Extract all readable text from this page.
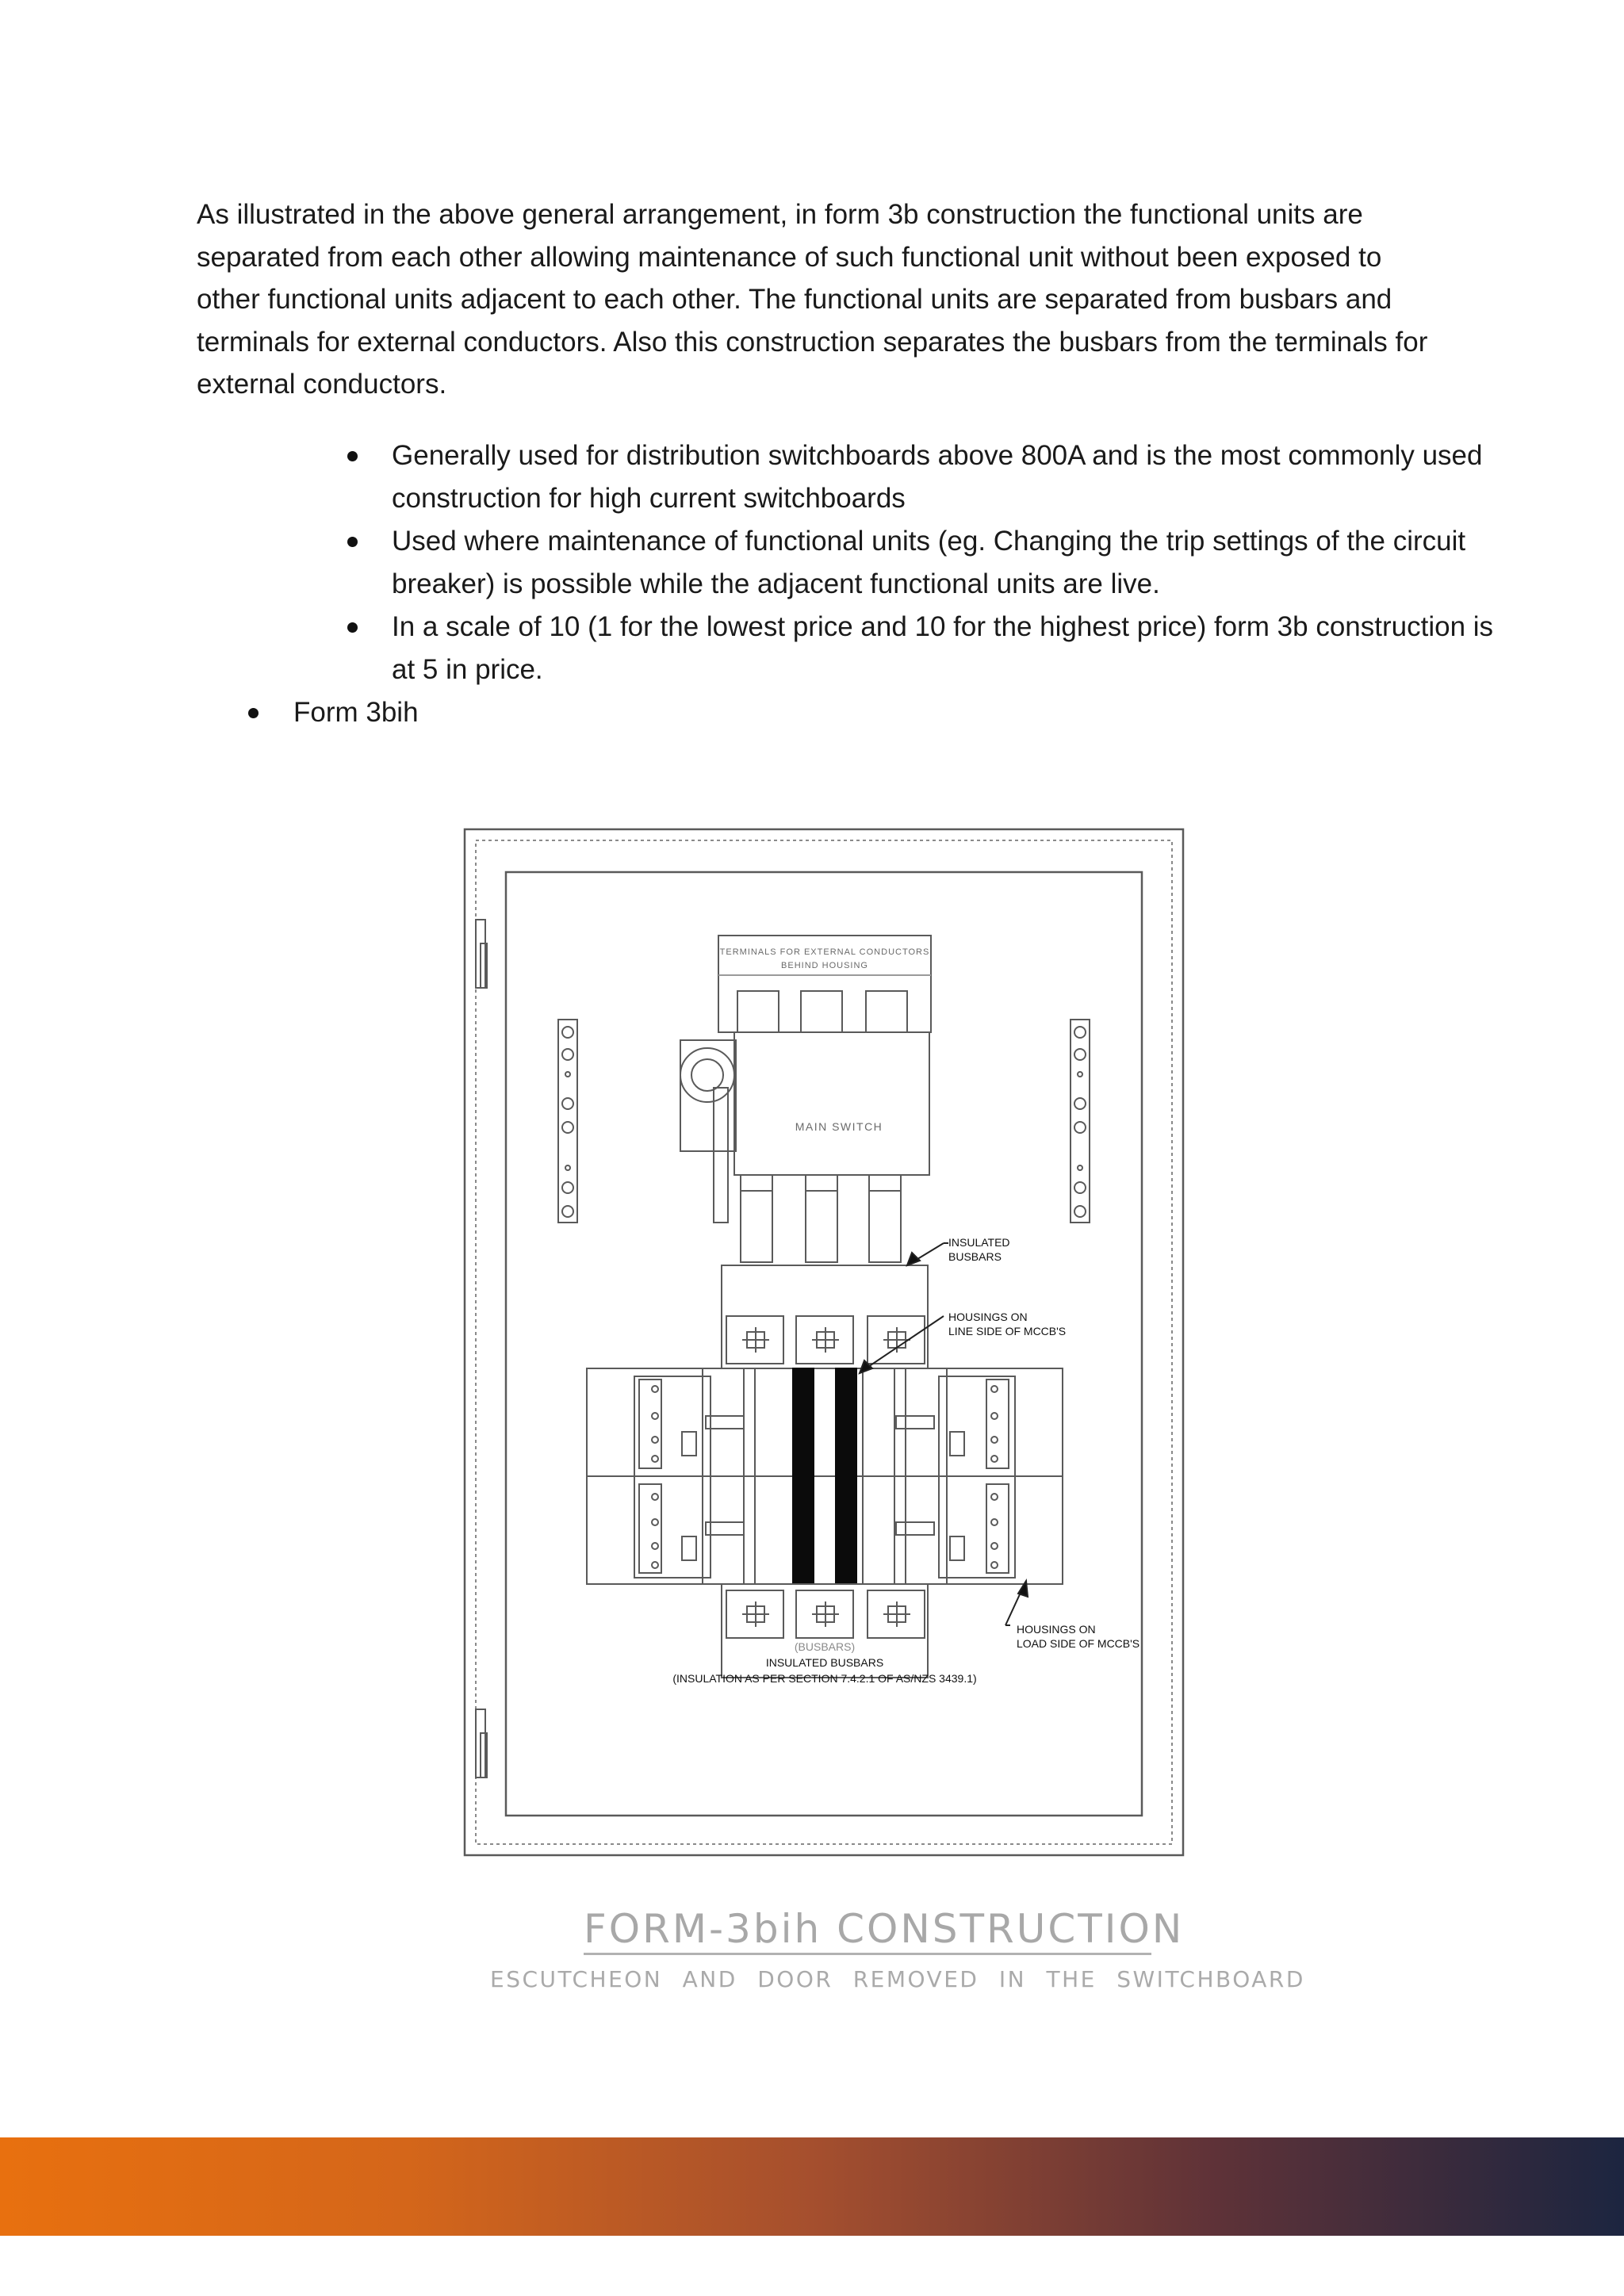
As illustrated in the above general arrangement, in form 3b construction the functional units are separated from each other allowing maintenance of such functional unit without been exposed to other functional units adjacent to each other. The functional units are separated from busbars and terminals for external conductors. Also this construction separates the busbars from the terminals for external conductors.

Generally used for distribution switchboards above 800A and is the most commonly used construction for high current switchboards
Used where maintenance of functional units (eg. Changing the trip settings of the circuit breaker) is possible while the adjacent functional units are live.
In a scale of 10 (1 for the lowest price and 10 for the highest price) form 3b construction is at 5 in price.
Form 3bih
TERMINALS FOR EXTERNAL CONDUCTORS
BEHIND HOUSING
MAIN SWITCH
INSULATED
BUSBARS
HOUSINGS ON
LINE SIDE OF MCCB'S
HOUSINGS ON
LOAD SIDE OF MCCB'S
(BUSBARS)
INSULATED BUSBARS
(INSULATION AS PER SECTION 7.4.2.1 OF AS/NZS 3439.1)
FORM-3bih CONSTRUCTION
ESCUTCHEON AND DOOR REMOVED IN THE SWITCHBOARD
